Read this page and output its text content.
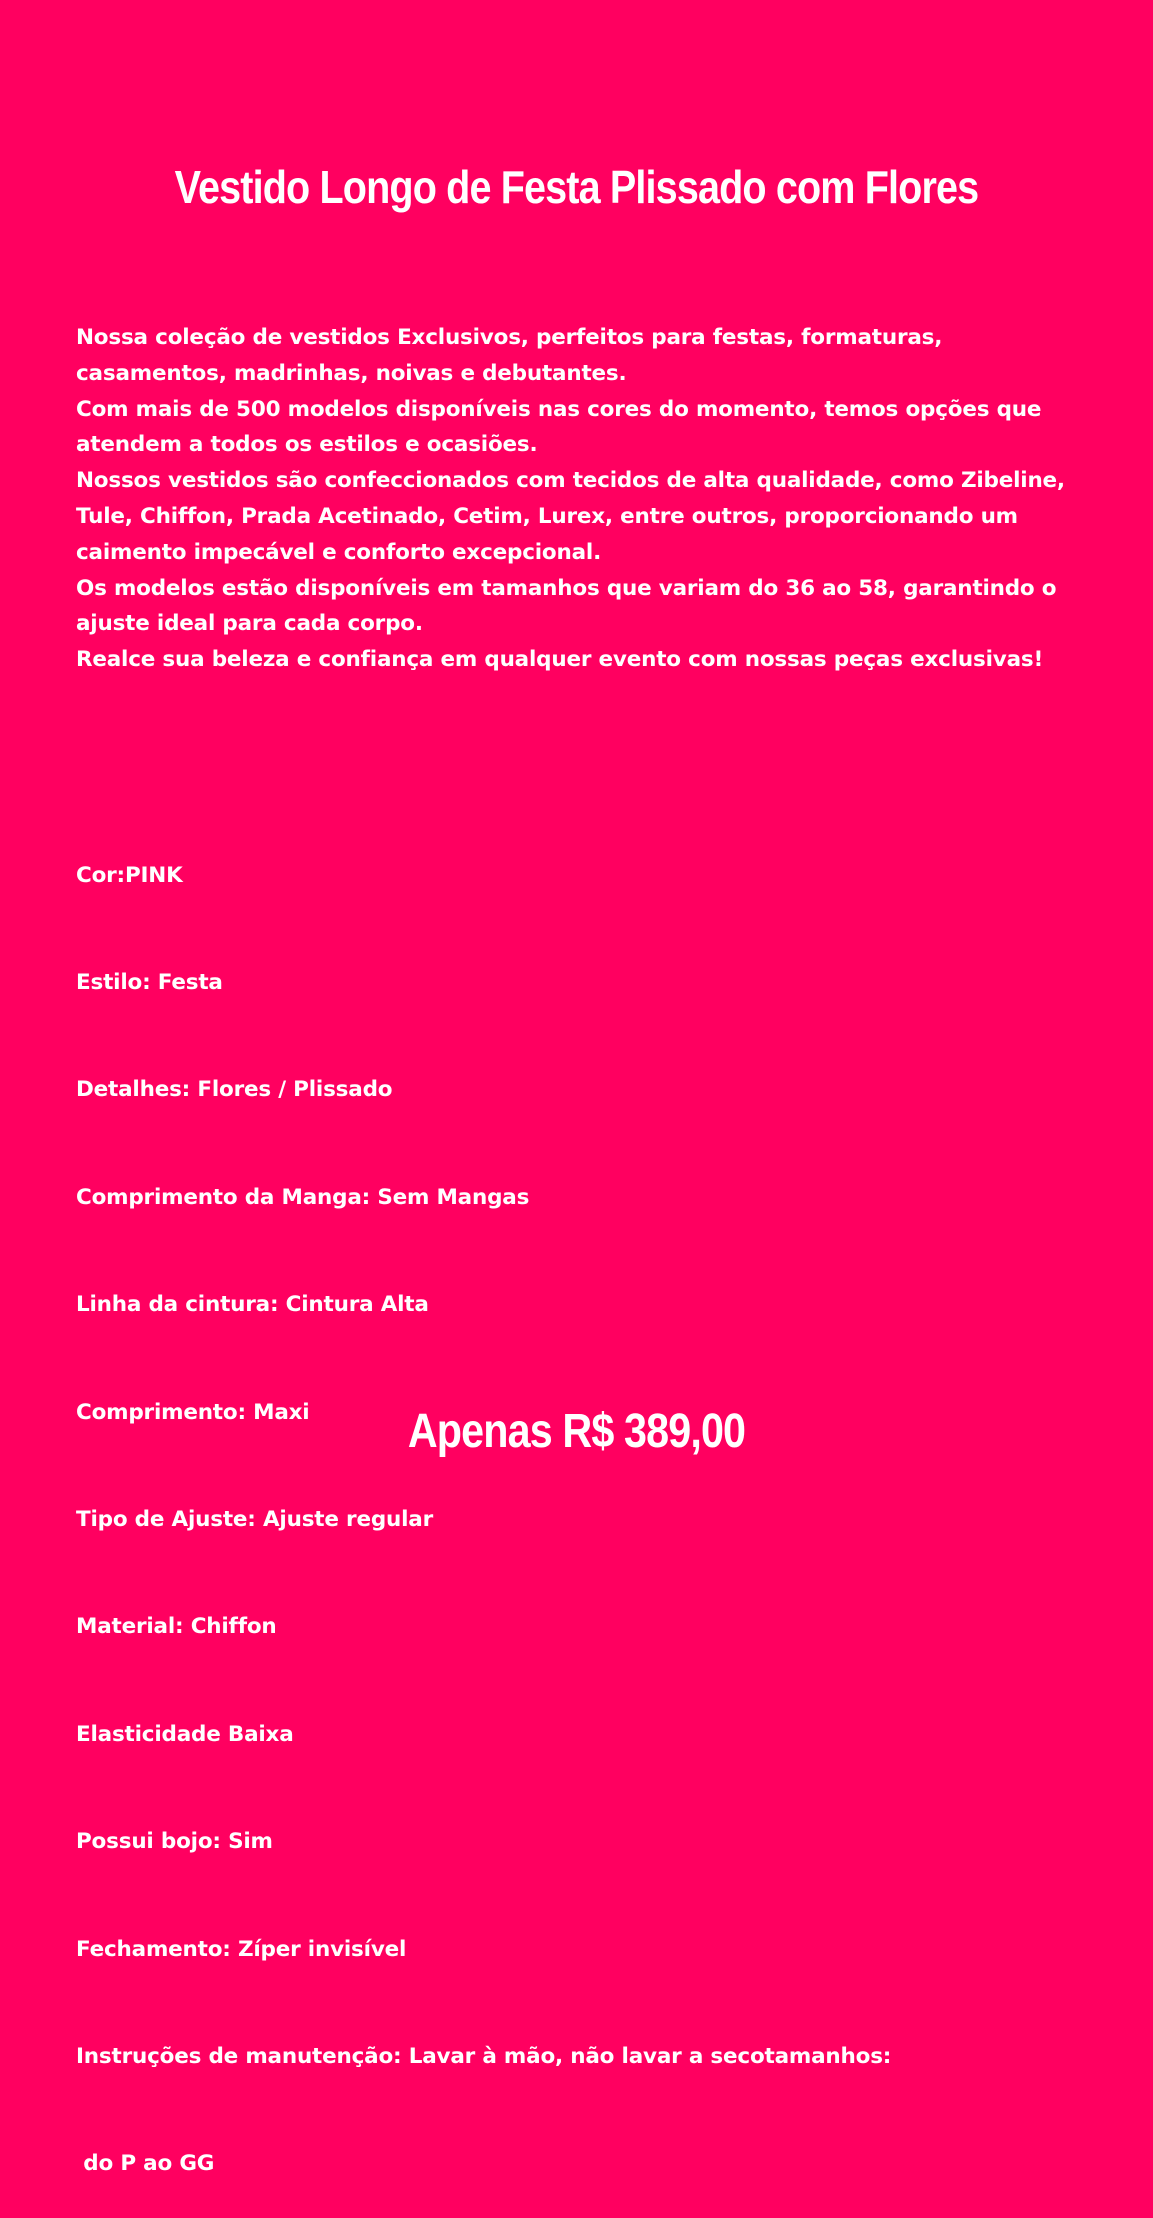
Vestido Longo de Festa Plissado com Flores

Nossa coleção de vestidos Exclusivos, perfeitos para festas, formaturas, casamentos, madrinhas, noivas e debutantes.

Com mais de 500 modelos disponíveis nas cores do momento, temos opções que atendem a todos os estilos e ocasiões.

Nossos vestidos são confeccionados com tecidos de alta qualidade, como Zibeline, Tule, Chiffon, Prada Acetinado, Cetim, Lurex, entre outros, proporcionando um caimento impecável e conforto excepcional.

Os modelos estão disponíveis em tamanhos que variam do 36 ao 58, garantindo o ajuste ideal para cada corpo.

Realce sua beleza e confiança em qualquer evento com nossas peças exclusivas!

Cor:PINK

Estilo: Festa

Detalhes: Flores / Plissado

Comprimento da Manga: Sem Mangas

Linha da cintura: Cintura Alta

Comprimento: Maxi

Tipo de Ajuste: Ajuste regular

Material: Chiffon

Elasticidade Baixa

Possui bojo: Sim

Fechamento: Zíper invisível

Instruções de manutenção: Lavar à mão, não lavar a secotamanhos:

do P ao GG

Apenas R$ 389,00
